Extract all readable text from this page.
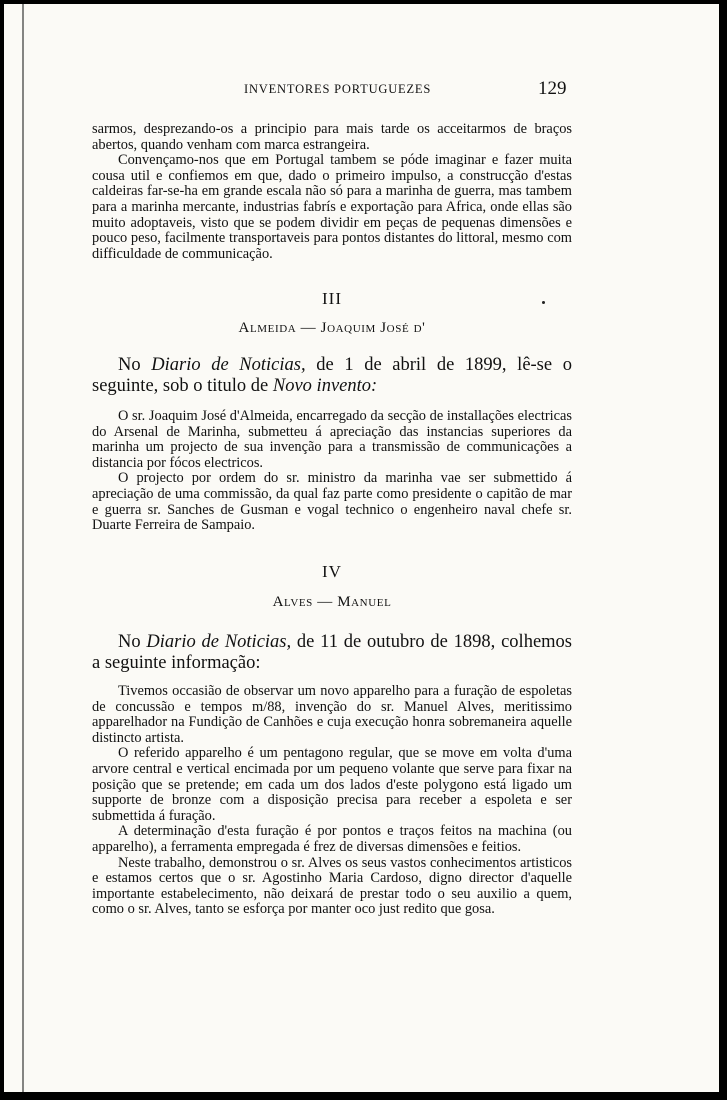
INVENTORES PORTUGUEZES	129

sarmos, desprezando-os a principio para mais tarde os acceitarmos de braços abertos, quando venham com marca estrangeira.

Convençamo-nos que em Portugal tambem se póde imaginar e fazer muita cousa util e confiemos em que, dado o primeiro impulso, a construcção d'estas caldeiras far-se-ha em grande escala não só para a marinha de guerra, mas tambem para a marinha mercante, industrias fabrís e exportação para Africa, onde ellas são muito adoptaveis, visto que se podem dividir em peças de pequenas dimensões e pouco peso, facilmente transportaveis para pontos distantes do littoral, mesmo com difficuldade de communicação.

III
Almeida — Joaquim José d'

No Diario de Noticias, de 1 de abril de 1899, lê-se o seguinte, sob o titulo de Novo invento:

O sr. Joaquim José d'Almeida, encarregado da secção de installações electricas do Arsenal de Marinha, submetteu á apreciação das instancias superiores da marinha um projecto de sua invenção para a transmissão de communicações a distancia por fócos electricos.

O projecto por ordem do sr. ministro da marinha vae ser submettido á apreciação de uma commissão, da qual faz parte como presidente o capitão de mar e guerra sr. Sanches de Gusman e vogal technico o engenheiro naval chefe sr. Duarte Ferreira de Sampaio.

IV
Alves — Manuel

No Diario de Noticias, de 11 de outubro de 1898, colhemos a seguinte informação:

Tivemos occasião de observar um novo apparelho para a furação de espoletas de concussão e tempos m/88, invenção do sr. Manuel Alves, meritissimo apparelhador na Fundição de Canhões e cuja execução honra sobremaneira aquelle distincto artista.

O referido apparelho é um pentagono regular, que se move em volta d'uma arvore central e vertical encimada por um pequeno volante que serve para fixar na posição que se pretende; em cada um dos lados d'este polygono está ligado um supporte de bronze com a disposição precisa para receber a espoleta e ser submettida á furação.

A determinação d'esta furação é por pontos e traços feitos na machina (ou apparelho), a ferramenta empregada é frez de diversas dimensões e feitios.

Neste trabalho, demonstrou o sr. Alves os seus vastos conhecimentos artisticos e estamos certos que o sr. Agostinho Maria Cardoso, digno director d'aquelle importante estabelecimento, não deixará de prestar todo o seu auxilio a quem, como o sr. Alves, tanto se esforça por manter oco just redito que gosa.
